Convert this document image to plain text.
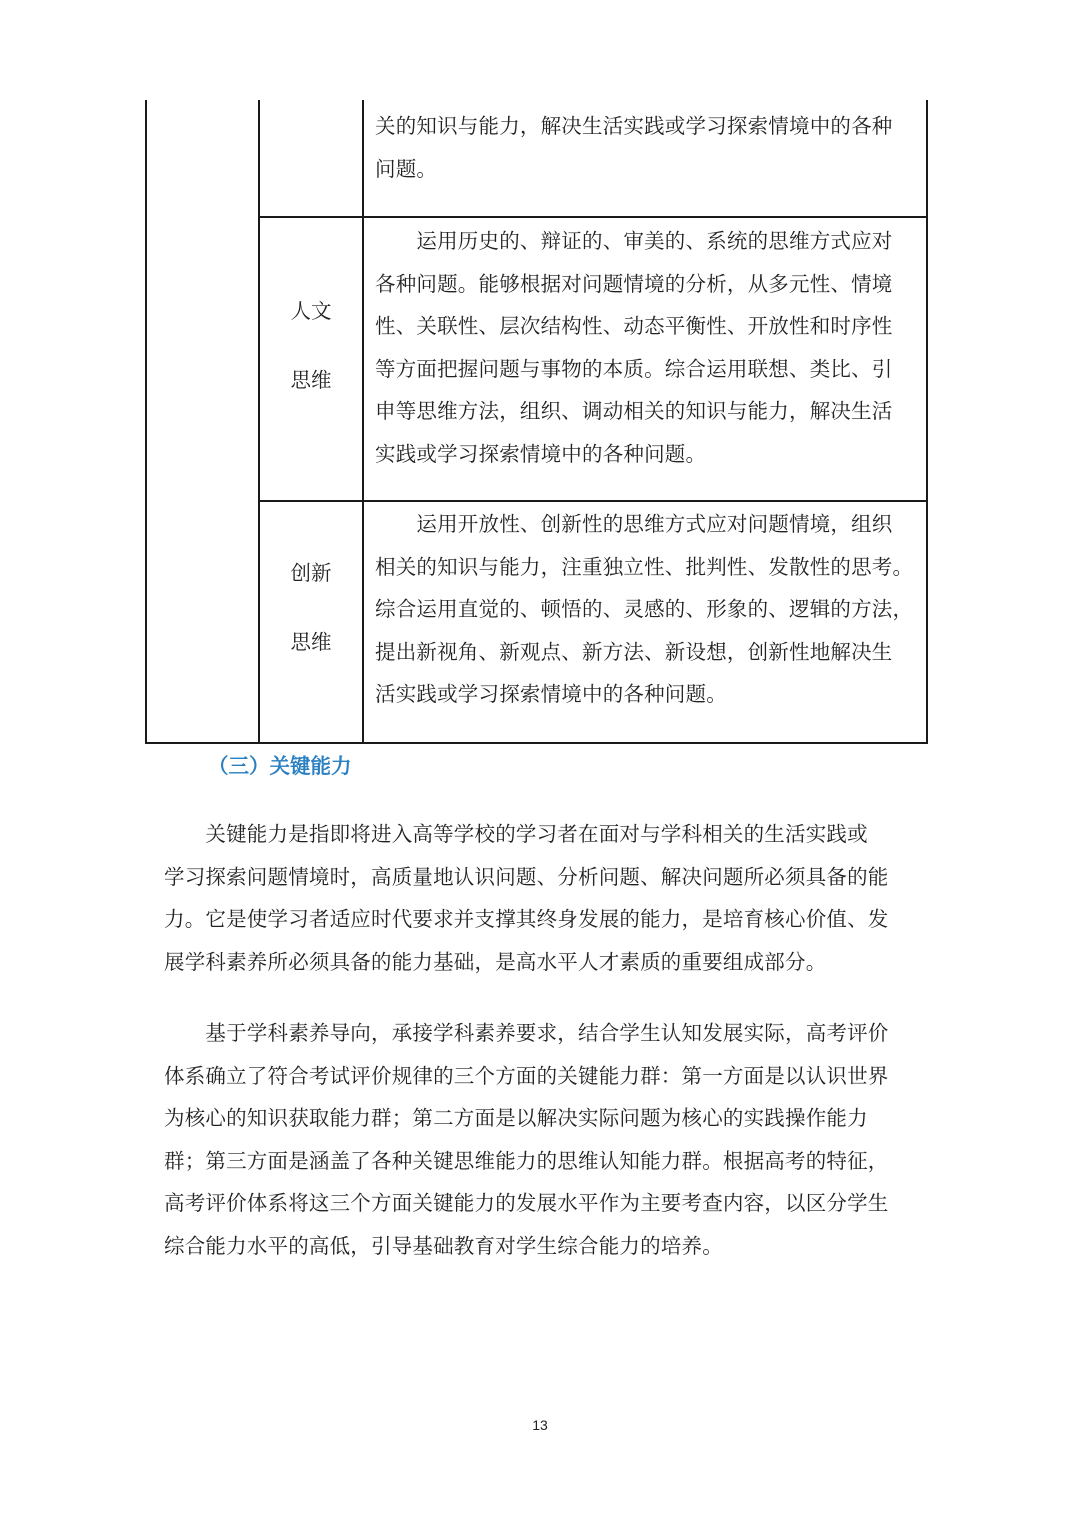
关的知识与能力，解决生活实践或学习探索情境中的各种

问题。

人文
思维

　　运用历史的、辩证的、审美的、系统的思维方式应对

各种问题。能够根据对问题情境的分析，从多元性、情境

性、关联性、层次结构性、动态平衡性、开放性和时序性

等方面把握问题与事物的本质。综合运用联想、类比、引

申等思维方法，组织、调动相关的知识与能力，解决生活

实践或学习探索情境中的各种问题。

创新
思维

　　运用开放性、创新性的思维方式应对问题情境，组织

相关的知识与能力，注重独立性、批判性、发散性的思考。

综合运用直觉的、顿悟的、灵感的、形象的、逻辑的方法，

提出新视角、新观点、新方法、新设想，创新性地解决生

活实践或学习探索情境中的各种问题。

（三）关键能力
　　关键能力是指即将进入高等学校的学习者在面对与学科相关的生活实践或
学习探索问题情境时，高质量地认识问题、分析问题、解决问题所必须具备的能
力。它是使学习者适应时代要求并支撑其终身发展的能力，是培育核心价值、发
展学科素养所必须具备的能力基础，是高水平人才素质的重要组成部分。
　　基于学科素养导向，承接学科素养要求，结合学生认知发展实际，高考评价
体系确立了符合考试评价规律的三个方面的关键能力群：第一方面是以认识世界
为核心的知识获取能力群；第二方面是以解决实际问题为核心的实践操作能力
群；第三方面是涵盖了各种关键思维能力的思维认知能力群。根据高考的特征，
高考评价体系将这三个方面关键能力的发展水平作为主要考查内容，以区分学生
综合能力水平的高低，引导基础教育对学生综合能力的培养。
13
